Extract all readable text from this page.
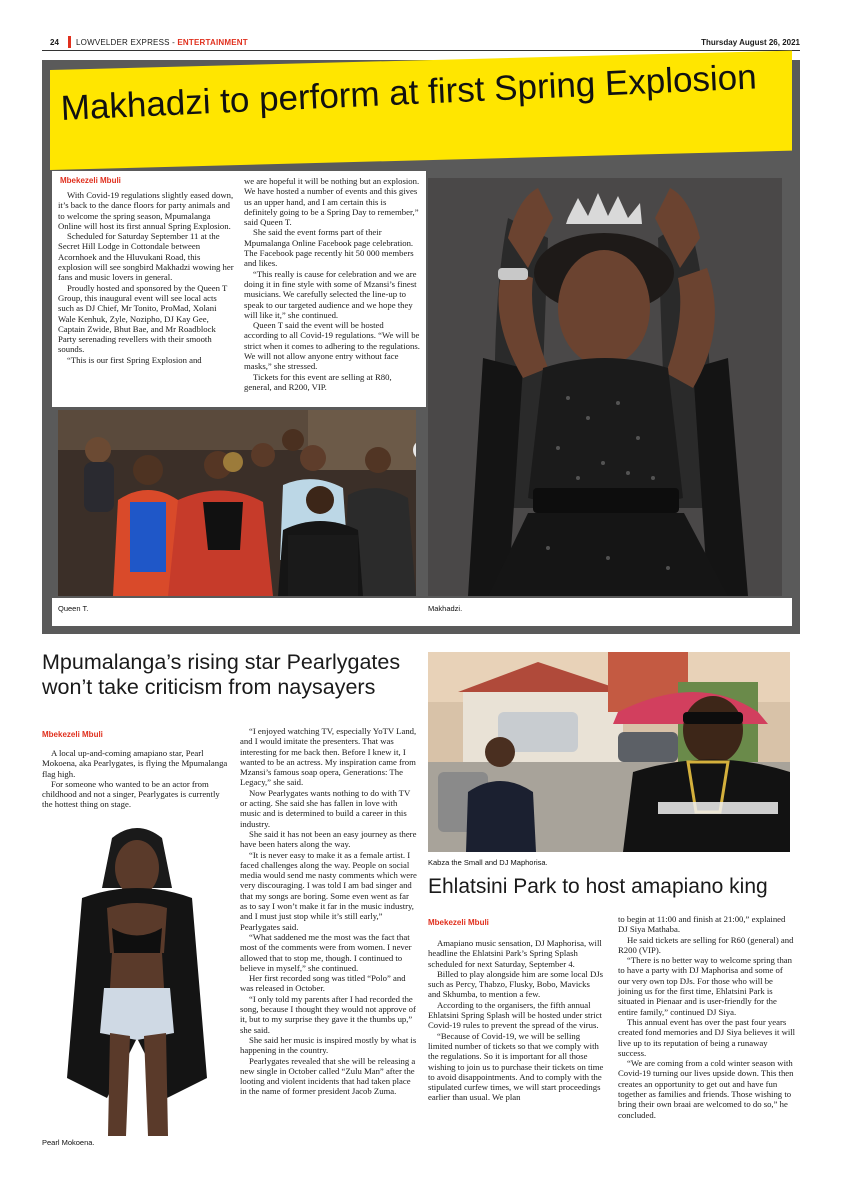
24 LOWVELDER EXPRESS - ENTERTAINMENT	Thursday August 26, 2021
Makhadzi to perform at first Spring Explosion
Mbekezeli Mbuli

With Covid-19 regulations slightly eased down, it’s back to the dance floors for party animals and to welcome the spring season, Mpumalanga Online will host its first annual Spring Explosion.

Scheduled for Saturday September 11 at the Secret Hill Lodge in Cottondale between Acornhoek and the Hluvukani Road, this explosion will see songbird Makhadzi wowing her fans and music lovers in general.

Proudly hosted and sponsored by the Queen T Group, this inaugural event will see local acts such as DJ Chief, Mr Tonito, ProMad, Xolani Wale Kenhuk, Zyle, Nozipho, DJ Kay Gee, Captain Zwide, Bhut Bae, and Mr Roadblock Party serenading revellers with their smooth sounds.

“This is our first Spring Explosion and

we are hopeful it will be nothing but an explosion. We have hosted a number of events and this gives us an upper hand, and I am certain this is definitely going to be a Spring Day to remember,” said Queen T.

She said the event forms part of their Mpumalanga Online Facebook page celebration. The Facebook page recently hit 50 000 members and likes.

“This really is cause for celebration and we are doing it in fine style with some of Mzansi’s finest musicians. We carefully selected the line-up to speak to our targeted audience and we hope they will like it,” she continued.

Queen T said the event will be hosted according to all Covid-19 regulations. “We will be strict when it comes to adhering to the regulations. We will not allow anyone entry without face masks,” she stressed.

Tickets for this event are selling at R80, general, and R200, VIP.

Queen T.	Makhadzi.
Mpumalanga’s rising star Pearlygates won’t take criticism from naysayers
Mbekezeli Mbuli

A local up-and-coming amapiano star, Pearl Mokoena, aka Pearlygates, is flying the Mpumalanga flag high.

For someone who wanted to be an actor from childhood and not a singer, Pearlygates is currently the hottest thing on stage.

Pearl Mokoena.

“I enjoyed watching TV, especially YoTV Land, and I would imitate the presenters. That was interesting for me back then. Before I knew it, I wanted to be an actress. My inspiration came from Mzansi’s famous soap opera, Generations: The Legacy,” she said.

Now Pearlygates wants nothing to do with TV or acting. She said she has fallen in love with music and is determined to build a career in this industry.

She said it has not been an easy journey as there have been haters along the way.

“It is never easy to make it as a female artist. I faced challenges along the way. People on social media would send me nasty comments which were very discouraging. I was told I am bad singer and that my songs are boring. Some even went as far as to say I won’t make it far in the music industry, and I must just stop while it’s still early,” Pearlygates said.

“What saddened me the most was the fact that most of the comments were from women. I never allowed that to stop me, though. I continued to believe in myself,” she continued.

Her first recorded song was titled “Polo” and was released in October.

“I only told my parents after I had recorded the song, because I thought they would not approve of it, but to my surprise they gave it the thumbs up,” she said.

She said her music is inspired mostly by what is happening in the country.

Pearlygates revealed that she will be releasing a new single in October called “Zulu Man” after the looting and violent incidents that had taken place in the name of former president Jacob Zuma.

Kabza the Small and DJ Maphorisa.
Ehlatsini Park to host amapiano king
Mbekezeli Mbuli

Amapiano music sensation, DJ Maphorisa, will headline the Ehlatsini Park’s Spring Splash scheduled for next Saturday, September 4.

Billed to play alongside him are some local DJs such as Percy, Thabzo, Flusky, Bobo, Mavicks and Skhumba, to mention a few.

According to the organisers, the fifth annual Ehlatsini Spring Splash will be hosted under strict Covid-19 rules to prevent the spread of the virus.

“Because of Covid-19, we will be selling limited number of tickets so that we comply with the regulations. So it is important for all those wishing to join us to purchase their tickets on time to avoid disappointments. And to comply with the stipulated curfew times, we will start proceedings earlier than usual. We plan

to begin at 11:00 and finish at 21:00,” explained DJ Siya Mathaba.

He said tickets are selling for R60 (general) and R200 (VIP).

“There is no better way to welcome spring than to have a party with DJ Maphorisa and some of our very own top DJs. For those who will be joining us for the first time, Ehlatsini Park is situated in Pienaar and is user-friendly for the entire family,” continued DJ Siya.

This annual event has over the past four years created fond memories and DJ Siya believes it will live up to its reputation of being a runaway success.

“We are coming from a cold winter season with Covid-19 turning our lives upside down. This then creates an opportunity to get out and have fun together as families and friends. Those wishing to bring their own braai are welcomed to do so,” he concluded.
